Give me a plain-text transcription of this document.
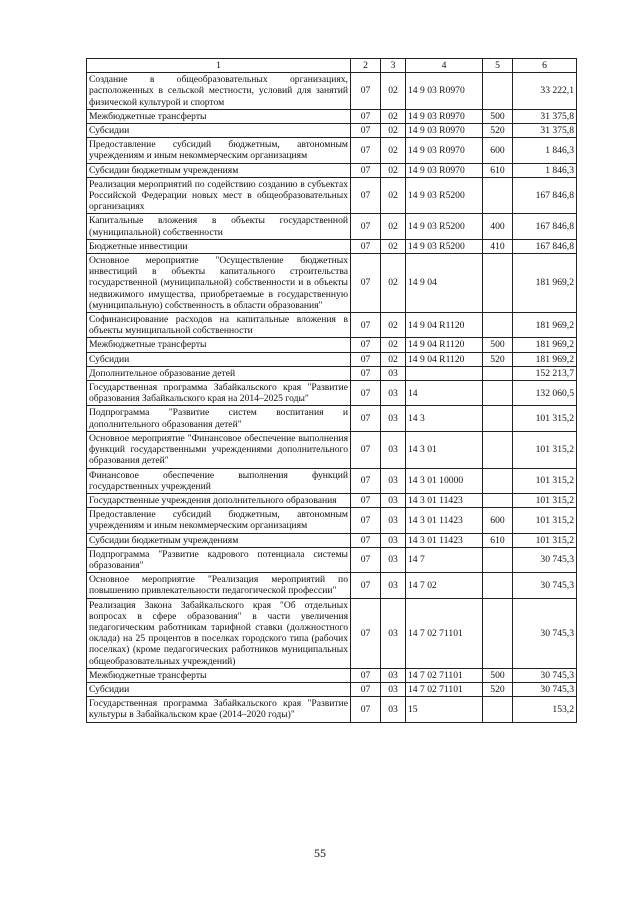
1	2	3	4	5	6
Создание в общеобразовательных организациях, расположенных в сельской местности, условий для занятий физической культурой и спортом	07	02	14 9 03 R0970		33 222,1
Межбюджетные трансферты	07	02	14 9 03 R0970	500	31 375,8
Субсидии	07	02	14 9 03 R0970	520	31 375,8
Предоставление субсидий бюджетным, автономным учреждениям и иным некоммерческим организациям	07	02	14 9 03 R0970	600	1 846,3
Субсидии бюджетным учреждениям	07	02	14 9 03 R0970	610	1 846,3
Реализация мероприятий по содействию созданию в субъектах Российской Федерации новых мест в общеобразовательных организациях	07	02	14 9 03 R5200		167 846,8
Капитальные вложения в объекты государственной (муниципальной) собственности	07	02	14 9 03 R5200	400	167 846,8
Бюджетные инвестиции	07	02	14 9 03 R5200	410	167 846,8
Основное мероприятие "Осуществление бюджетных инвестиций в объекты капитального строительства государственной (муниципальной) собственности и в объекты недвижимого имущества, приобретаемые в государственную (муниципальную) собственность в области образования"	07	02	14 9 04		181 969,2
Софинансирование расходов на капитальные вложения в объекты муниципальной собственности	07	02	14 9 04 R1120		181 969,2
Межбюджетные трансферты	07	02	14 9 04 R1120	500	181 969,2
Субсидии	07	02	14 9 04 R1120	520	181 969,2
Дополнительное образование детей	07	03			152 213,7
Государственная программа Забайкальского края "Развитие образования Забайкальского края на 2014–2025 годы"	07	03	14		132 060,5
Подпрограмма "Развитие систем воспитания и дополнительного образования детей"	07	03	14 3		101 315,2
Основное мероприятие "Финансовое обеспечение выполнения функций государственными учреждениями дополнительного образования детей"	07	03	14 3 01		101 315,2
Финансовое обеспечение выполнения функций государственных учреждений	07	03	14 3 01 10000		101 315,2
Государственные учреждения дополнительного образования	07	03	14 3 01 11423		101 315,2
Предоставление субсидий бюджетным, автономным учреждениям и иным некоммерческим организациям	07	03	14 3 01 11423	600	101 315,2
Субсидии бюджетным учреждениям	07	03	14 3 01 11423	610	101 315,2
Подпрограмма "Развитие кадрового потенциала системы образования"	07	03	14 7		30 745,3
Основное мероприятие "Реализация мероприятий по повышению привлекательности педагогической профессии"	07	03	14 7 02		30 745,3
Реализация Закона Забайкальского края "Об отдельных вопросах в сфере образования" в части увеличения педагогическим работникам тарифной ставки (должностного оклада) на 25 процентов в поселках городского типа (рабочих поселках) (кроме педагогических работников муниципальных общеобразовательных учреждений)	07	03	14 7 02 71101		30 745,3
Межбюджетные трансферты	07	03	14 7 02 71101	500	30 745,3
Субсидии	07	03	14 7 02 71101	520	30 745,3
Государственная программа Забайкальского края "Развитие культуры в Забайкальском крае (2014–2020 годы)"	07	03	15		153,2
55
